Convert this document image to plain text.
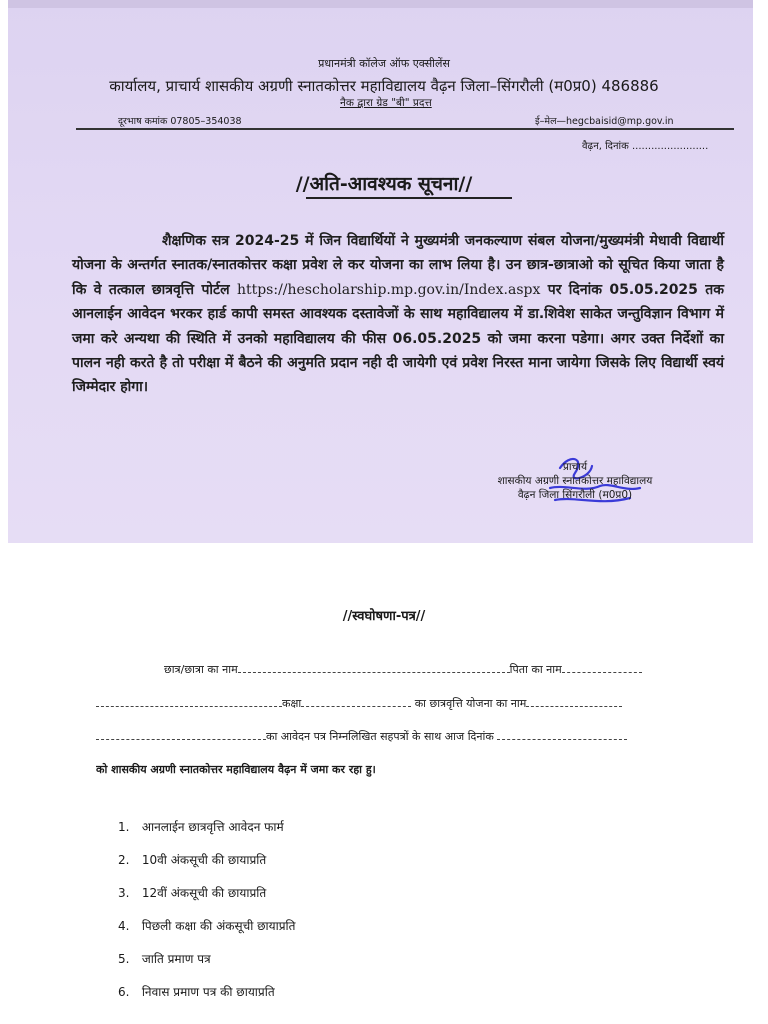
प्रधानमंत्री कॉलेज ऑफ एक्सीलेंस
कार्यालय, प्राचार्य शासकीय अग्रणी स्नातकोत्तर महाविद्यालय वैढ़न जिला–सिंगरौली (म0प्र0) 486886
नैक द्वारा ग्रेड "बी" प्रदत्त
दूरभाष कमांक 07805–354038	ई–मेल—hegcbaisid@mp.gov.in
वैढ़न, दिनांक ........................
//अति-आवश्यक सूचना//
शैक्षणिक सत्र 2024-25 में जिन विद्यार्थियों ने मुख्यमंत्री जनकल्याण संबल योजना/मुख्यमंत्री मेधावी विद्यार्थी योजना के अन्तर्गत स्नातक/स्नातकोत्तर कक्षा प्रवेश ले कर योजना का लाभ लिया है। उन छात्र-छात्राओ को सूचित किया जाता है कि वे तत्काल छात्रवृत्ति पोर्टल https://hescholarship.mp.gov.in/Index.aspx पर दिनांक 05.05.2025 तक आनलाईन आवेदन भरकर हार्ड कापी समस्त आवश्यक दस्तावेजों के साथ महाविद्यालय में डा.शिवेश साकेत जन्तुविज्ञान विभाग में जमा करे अन्यथा की स्थिति में उनको महाविद्यालय की फीस 06.05.2025 को जमा करना पडेगा। अगर उक्त निर्देशों का पालन नही करते है तो परीक्षा में बैठने की अनुमति प्रदान नही दी जायेगी एवं प्रवेश निरस्त माना जायेगा जिसके लिए विद्यार्थी स्वयं जिम्मेदार होगा।
प्राचार्य
शासकीय अग्रणी स्नातकोत्तर महाविद्यालय
वैढ़न जिला सिंगरौली (म0प्र0)
//स्वघोषणा-पत्र//
छात्र/छात्रा का नाम	पिता का नाम
कक्षा	का छात्रवृत्ति योजना का नाम
का आवेदन पत्र निम्नलिखित सहपत्रों के साथ आज दिनांक
को शासकीय अग्रणी स्नातकोत्तर महाविद्यालय वैढ़न में जमा कर रहा हु।
1. आनलाईन छात्रवृत्ति आवेदन फार्म
2. 10वी अंकसूची की छायाप्रति
3. 12वीं अंकसूची की छायाप्रति
4. पिछली कक्षा की अंकसूची छायाप्रति
5. जाति प्रमाण पत्र
6. निवास प्रमाण पत्र की छायाप्रति
